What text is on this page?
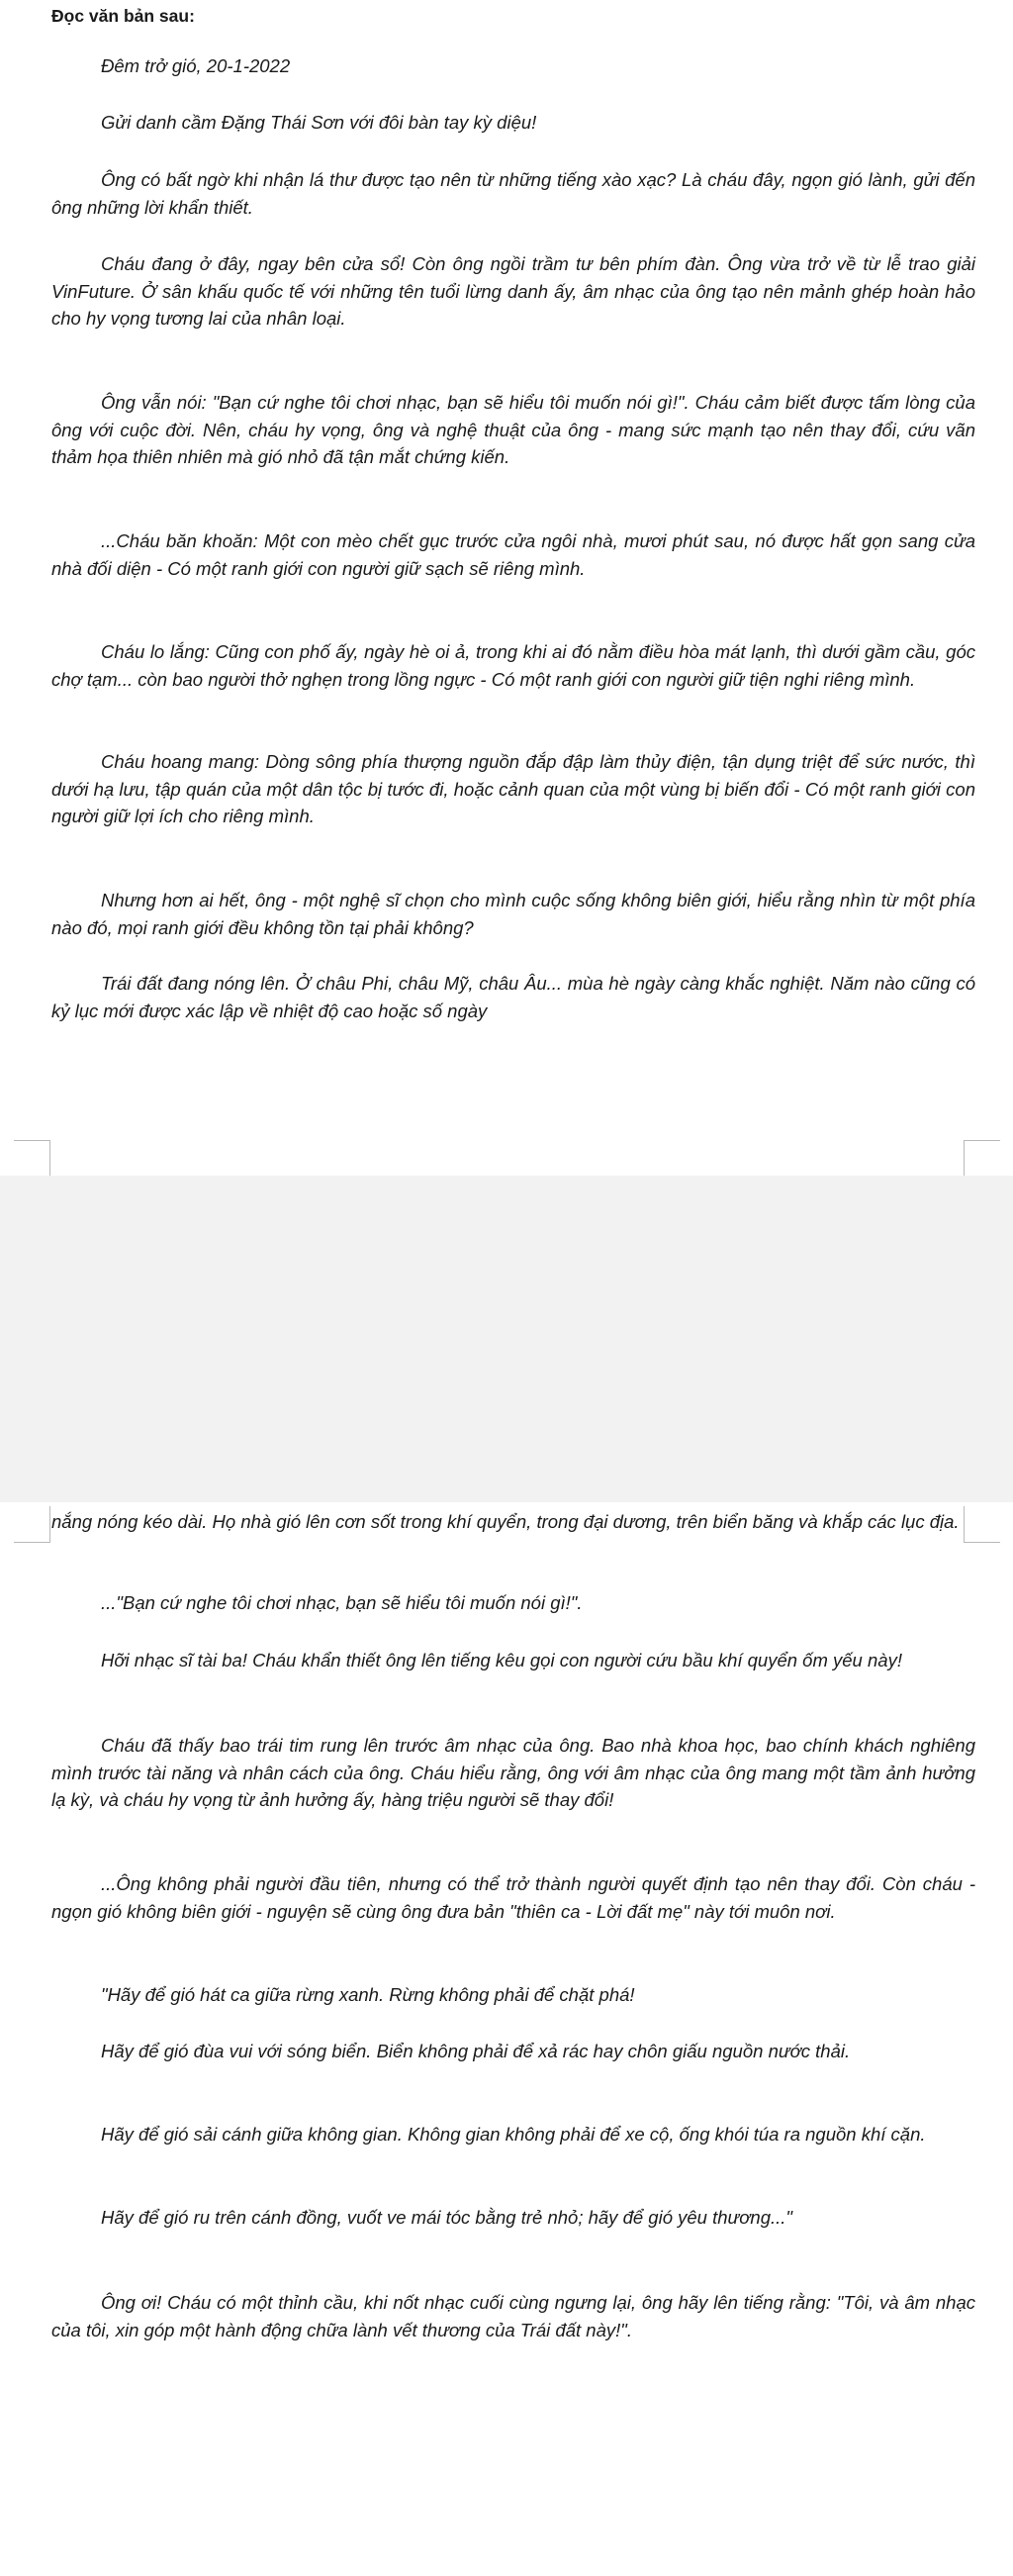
Đọc văn bản sau:

Đêm trở gió, 20-1-2022

Gửi danh cầm Đặng Thái Sơn với đôi bàn tay kỳ diệu!

Ông có bất ngờ khi nhận lá thư được tạo nên từ những tiếng xào xạc? Là cháu đây, ngọn gió lành, gửi đến ông những lời khẩn thiết.

Cháu đang ở đây, ngay bên cửa sổ! Còn ông ngồi trầm tư bên phím đàn. Ông vừa trở về từ lễ trao giải VinFuture. Ở sân khấu quốc tế với những tên tuổi lừng danh ấy, âm nhạc của ông tạo nên mảnh ghép hoàn hảo cho hy vọng tương lai của nhân loại.

Ông vẫn nói: "Bạn cứ nghe tôi chơi nhạc, bạn sẽ hiểu tôi muốn nói gì!". Cháu cảm biết được tấm lòng của ông với cuộc đời. Nên, cháu hy vọng, ông và nghệ thuật của ông - mang sức mạnh tạo nên thay đổi, cứu vãn thảm họa thiên nhiên mà gió nhỏ đã tận mắt chứng kiến.

...Cháu băn khoăn: Một con mèo chết gục trước cửa ngôi nhà, mươi phút sau, nó được hất gọn sang cửa nhà đối diện - Có một ranh giới con người giữ sạch sẽ riêng mình.

Cháu lo lắng: Cũng con phố ấy, ngày hè oi ả, trong khi ai đó nằm điều hòa mát lạnh, thì dưới gầm cầu, góc chợ tạm... còn bao người thở nghẹn trong lồng ngực - Có một ranh giới con người giữ tiện nghi riêng mình.

Cháu hoang mang: Dòng sông phía thượng nguồn đắp đập làm thủy điện, tận dụng triệt để sức nước, thì dưới hạ lưu, tập quán của một dân tộc bị tước đi, hoặc cảnh quan của một vùng bị biến đổi - Có một ranh giới con người giữ lợi ích cho riêng mình.

Nhưng hơn ai hết, ông - một nghệ sĩ chọn cho mình cuộc sống không biên giới, hiểu rằng nhìn từ một phía nào đó, mọi ranh giới đều không tồn tại phải không?

Trái đất đang nóng lên. Ở châu Phi, châu Mỹ, châu Âu... mùa hè ngày càng khắc nghiệt. Năm nào cũng có kỷ lục mới được xác lập về nhiệt độ cao hoặc số ngày

nắng nóng kéo dài. Họ nhà gió lên cơn sốt trong khí quyển, trong đại dương, trên biển băng và khắp các lục địa.

..."Bạn cứ nghe tôi chơi nhạc, bạn sẽ hiểu tôi muốn nói gì!".

Hỡi nhạc sĩ tài ba! Cháu khẩn thiết ông lên tiếng kêu gọi con người cứu bầu khí quyển ốm yếu này!

Cháu đã thấy bao trái tim rung lên trước âm nhạc của ông. Bao nhà khoa học, bao chính khách nghiêng mình trước tài năng và nhân cách của ông. Cháu hiểu rằng, ông với âm nhạc của ông mang một tầm ảnh hưởng lạ kỳ, và cháu hy vọng từ ảnh hưởng ấy, hàng triệu người sẽ thay đổi!

...Ông không phải người đầu tiên, nhưng có thể trở thành người quyết định tạo nên thay đổi. Còn cháu - ngọn gió không biên giới - nguyện sẽ cùng ông đưa bản "thiên ca - Lời đất mẹ" này tới muôn nơi.

"Hãy để gió hát ca giữa rừng xanh. Rừng không phải để chặt phá!

Hãy để gió đùa vui với sóng biển. Biển không phải để xả rác hay chôn giấu nguồn nước thải.

Hãy để gió sải cánh giữa không gian. Không gian không phải để xe cộ, ống khói túa ra nguồn khí cặn.

Hãy để gió ru trên cánh đồng, vuốt ve mái tóc bằng trẻ nhỏ; hãy để gió yêu thương..."

Ông ơi! Cháu có một thỉnh cầu, khi nốt nhạc cuối cùng ngưng lại, ông hãy lên tiếng rằng: "Tôi, và âm nhạc của tôi, xin góp một hành động chữa lành vết thương của Trái đất này!".
